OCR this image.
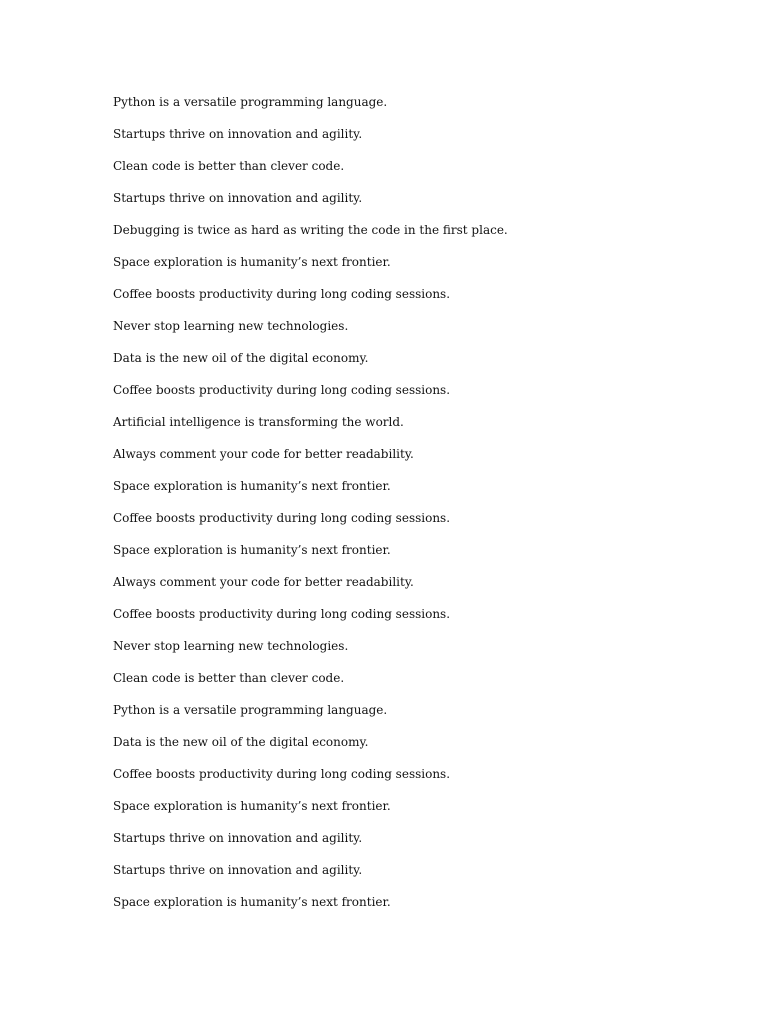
Python is a versatile programming language.

Startups thrive on innovation and agility.

Clean code is better than clever code.

Startups thrive on innovation and agility.

Debugging is twice as hard as writing the code in the first place.

Space exploration is humanity’s next frontier.

Coffee boosts productivity during long coding sessions.

Never stop learning new technologies.

Data is the new oil of the digital economy.

Coffee boosts productivity during long coding sessions.

Artificial intelligence is transforming the world.

Always comment your code for better readability.

Space exploration is humanity’s next frontier.

Coffee boosts productivity during long coding sessions.

Space exploration is humanity’s next frontier.

Always comment your code for better readability.

Coffee boosts productivity during long coding sessions.

Never stop learning new technologies.

Clean code is better than clever code.

Python is a versatile programming language.

Data is the new oil of the digital economy.

Coffee boosts productivity during long coding sessions.

Space exploration is humanity’s next frontier.

Startups thrive on innovation and agility.

Startups thrive on innovation and agility.

Space exploration is humanity’s next frontier.
